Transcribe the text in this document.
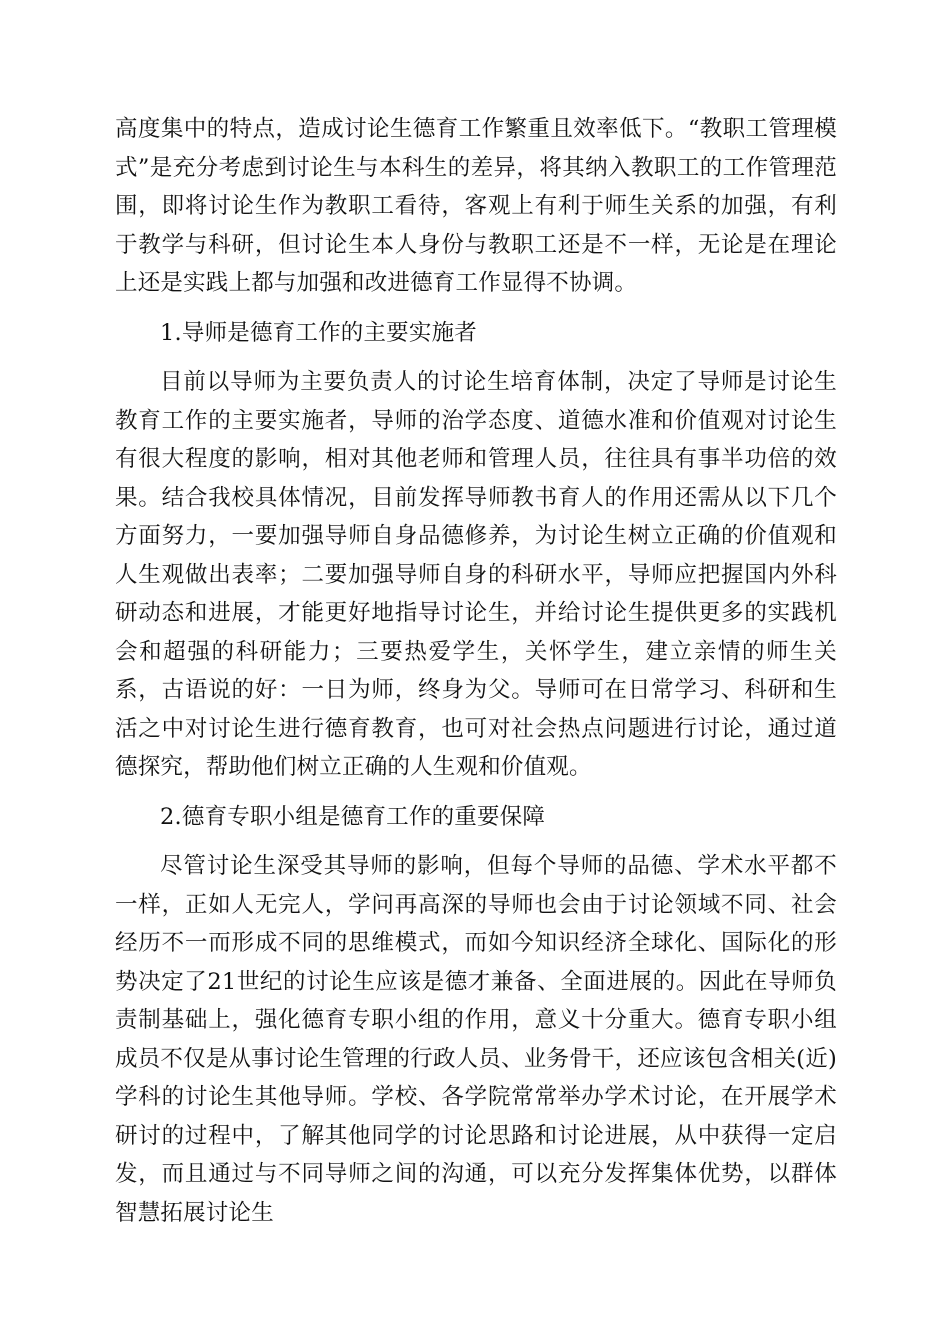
高度集中的特点，造成讨论生德育工作繁重且效率低下。“教职工管理模式”是充分考虑到讨论生与本科生的差异，将其纳入教职工的工作管理范围，即将讨论生作为教职工看待，客观上有利于师生关系的加强，有利于教学与科研，但讨论生本人身份与教职工还是不一样，无论是在理论上还是实践上都与加强和改进德育工作显得不协调。

1.导师是德育工作的主要实施者

目前以导师为主要负责人的讨论生培育体制，决定了导师是讨论生教育工作的主要实施者，导师的治学态度、道德水准和价值观对讨论生有很大程度的影响，相对其他老师和管理人员，往往具有事半功倍的效果。结合我校具体情况，目前发挥导师教书育人的作用还需从以下几个方面努力，一要加强导师自身品德修养，为讨论生树立正确的价值观和人生观做出表率；二要加强导师自身的科研水平，导师应把握国内外科研动态和进展，才能更好地指导讨论生，并给讨论生提供更多的实践机会和超强的科研能力；三要热爱学生，关怀学生，建立亲情的师生关系，古语说的好：一日为师，终身为父。导师可在日常学习、科研和生活之中对讨论生进行德育教育，也可对社会热点问题进行讨论，通过道德探究，帮助他们树立正确的人生观和价值观。

2.德育专职小组是德育工作的重要保障

尽管讨论生深受其导师的影响，但每个导师的品德、学术水平都不一样，正如人无完人，学问再高深的导师也会由于讨论领域不同、社会经历不一而形成不同的思维模式，而如今知识经济全球化、国际化的形势决定了21世纪的讨论生应该是德才兼备、全面进展的。因此在导师负责制基础上，强化德育专职小组的作用，意义十分重大。德育专职小组成员不仅是从事讨论生管理的行政人员、业务骨干，还应该包含相关(近)学科的讨论生其他导师。学校、各学院常常举办学术讨论，在开展学术研讨的过程中，了解其他同学的讨论思路和讨论进展，从中获得一定启发，而且通过与不同导师之间的沟通，可以充分发挥集体优势，以群体智慧拓展讨论生
